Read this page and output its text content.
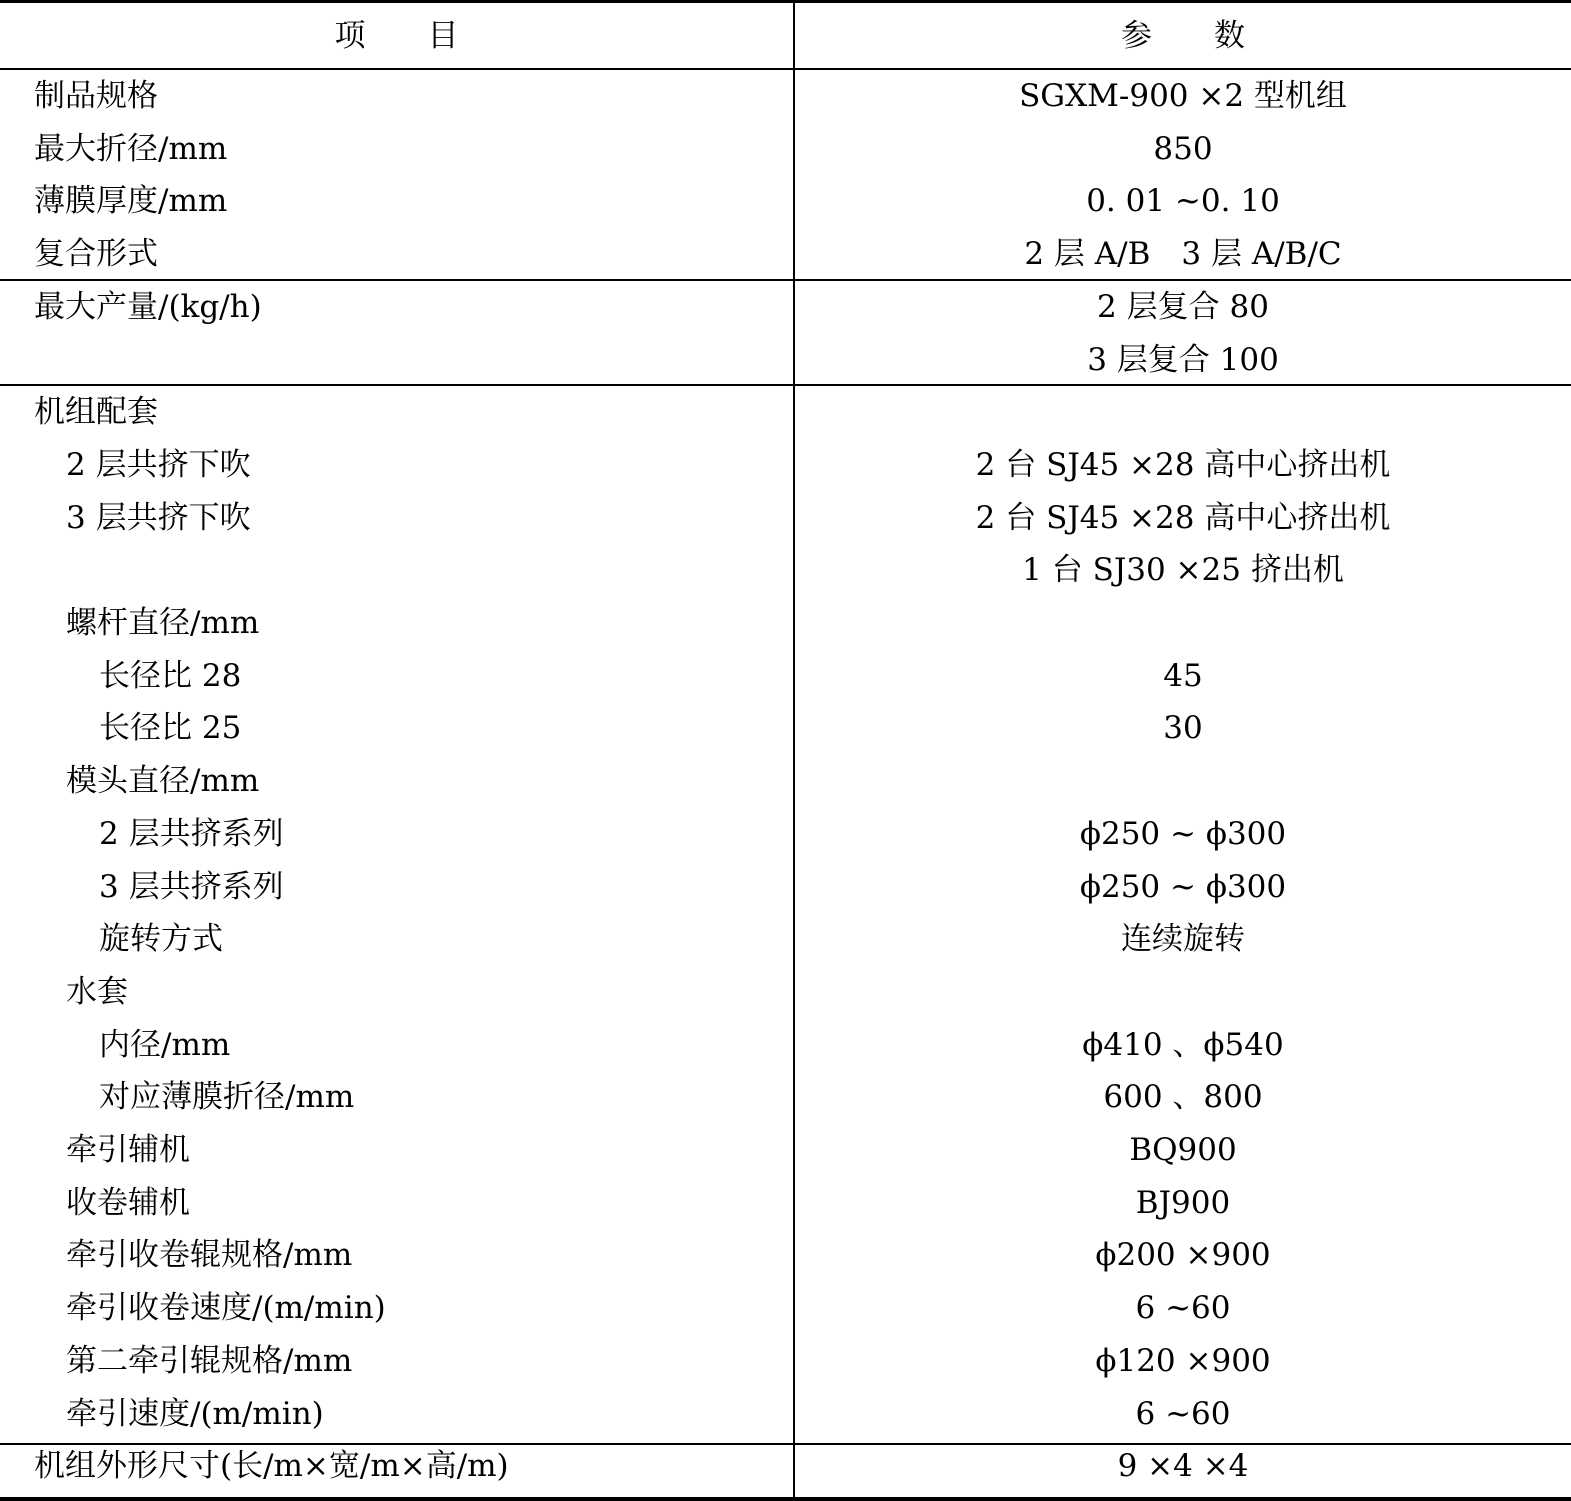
项　　目	参　　数
制品规格	SGXM-900 ×2 型机组
最大折径/mm	850
薄膜厚度/mm	0. 01 ~0. 10
复合形式	2 层 A/B　3 层 A/B/C
最大产量/(kg/h)	2 层复合 80
3 层复合 100
机组配套
2 层共挤下吹	2 台 SJ45 ×28 高中心挤出机
3 层共挤下吹	2 台 SJ45 ×28 高中心挤出机
1 台 SJ30 ×25 挤出机
螺杆直径/mm
长径比 28	45
长径比 25	30
模头直径/mm
2 层共挤系列	ϕ250 ~ ϕ300
3 层共挤系列	ϕ250 ~ ϕ300
旋转方式	连续旋转
水套
内径/mm	ϕ410 、ϕ540
对应薄膜折径/mm	600 、800
牵引辅机	BQ900
收卷辅机	BJ900
牵引收卷辊规格/mm	ϕ200 ×900
牵引收卷速度/(m/min)	6 ~60
第二牵引辊规格/mm	ϕ120 ×900
牵引速度/(m/min)	6 ~60
机组外形尺寸(长/m×宽/m×高/m)	9 ×4 ×4
